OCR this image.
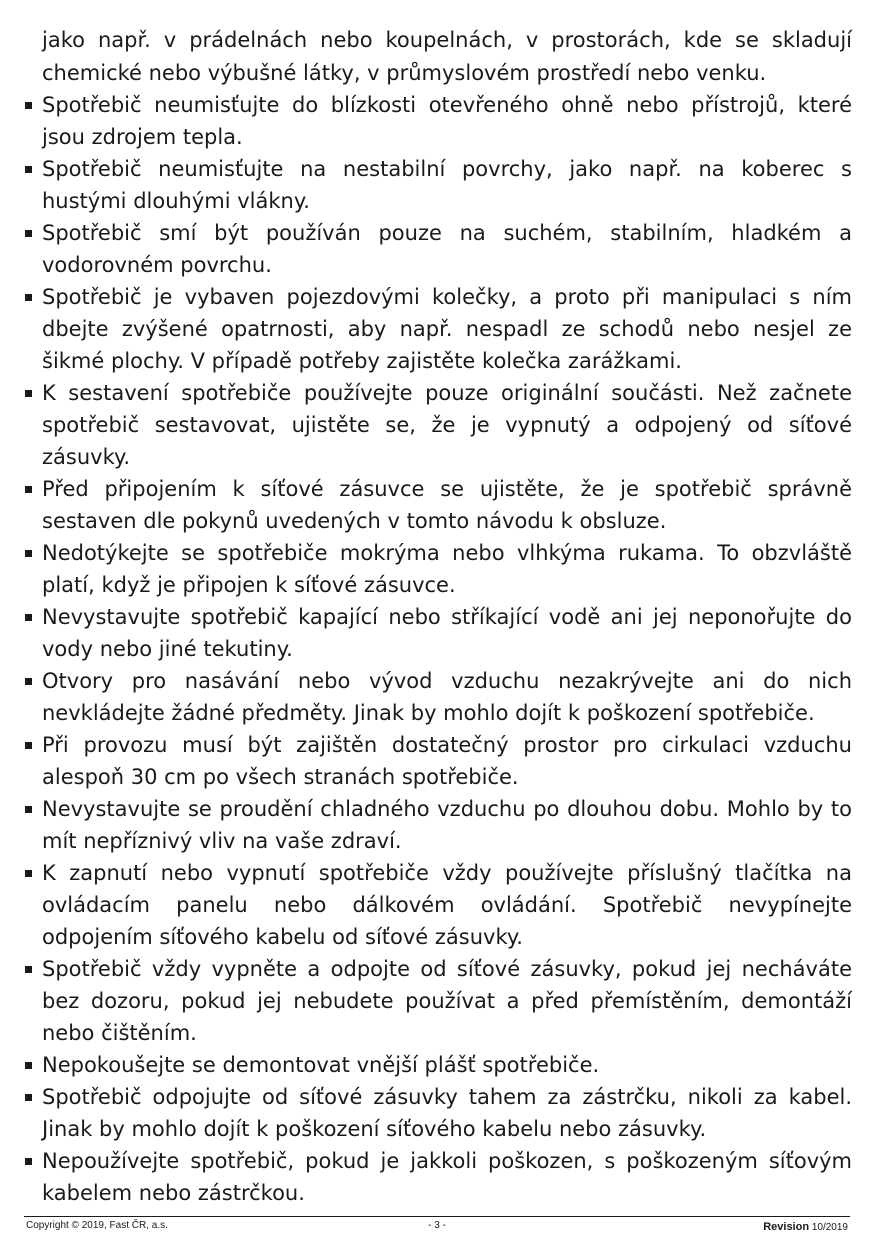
jako např. v prádelnách nebo koupelnách, v prostorách, kde se skladují chemické nebo výbušné látky, v průmyslovém prostředí nebo venku.

Spotřebič neumisťujte do blízkosti otevřeného ohně nebo přístrojů, které jsou zdrojem tepla.
Spotřebič neumisťujte na nestabilní povrchy, jako např. na koberec s hustými dlouhými vlákny.
Spotřebič smí být používán pouze na suchém, stabilním, hladkém a vodorovném povrchu.
Spotřebič je vybaven pojezdovými kolečky, a proto při manipulaci s ním dbejte zvýšené opatrnosti, aby např. nespadl ze schodů nebo nesjel ze šikmé plochy. V případě potřeby zajistěte kolečka zarážkami.
K sestavení spotřebiče používejte pouze originální součásti. Než začnete spotřebič sestavovat, ujistěte se, že je vypnutý a odpojený od síťové zásuvky.
Před připojením k síťové zásuvce se ujistěte, že je spotřebič správně sestaven dle pokynů uvedených v tomto návodu k obsluze.
Nedotýkejte se spotřebiče mokrýma nebo vlhkýma rukama. To obzvláště platí, když je připojen k síťové zásuvce.
Nevystavujte spotřebič kapající nebo stříkající vodě ani jej neponořujte do vody nebo jiné tekutiny.
Otvory pro nasávání nebo vývod vzduchu nezakrývejte ani do nich nevkládejte žádné předměty. Jinak by mohlo dojít k poškození spotřebiče.
Při provozu musí být zajištěn dostatečný prostor pro cirkulaci vzduchu alespoň 30 cm po všech stranách spotřebiče.
Nevystavujte se proudění chladného vzduchu po dlouhou dobu. Mohlo by to mít nepříznivý vliv na vaše zdraví.
K zapnutí nebo vypnutí spotřebiče vždy používejte příslušný tlačítka na ovládacím panelu nebo dálkovém ovládání. Spotřebič nevypínejte odpojením síťového kabelu od síťové zásuvky.
Spotřebič vždy vypněte a odpojte od síťové zásuvky, pokud jej necháváte bez dozoru, pokud jej nebudete používat a před přemístěním, demontáží nebo čištěním.
Nepokoušejte se demontovat vnější plášť spotřebiče.
Spotřebič odpojujte od síťové zásuvky tahem za zástrčku, nikoli za kabel. Jinak by mohlo dojít k poškození síťového kabelu nebo zásuvky.
Nepoužívejte spotřebič, pokud je jakkoli poškozen, s poškozeným síťovým kabelem nebo zástrčkou.
Copyright © 2019, Fast ČR, a.s.	- 3 -	Revision 10/2019
